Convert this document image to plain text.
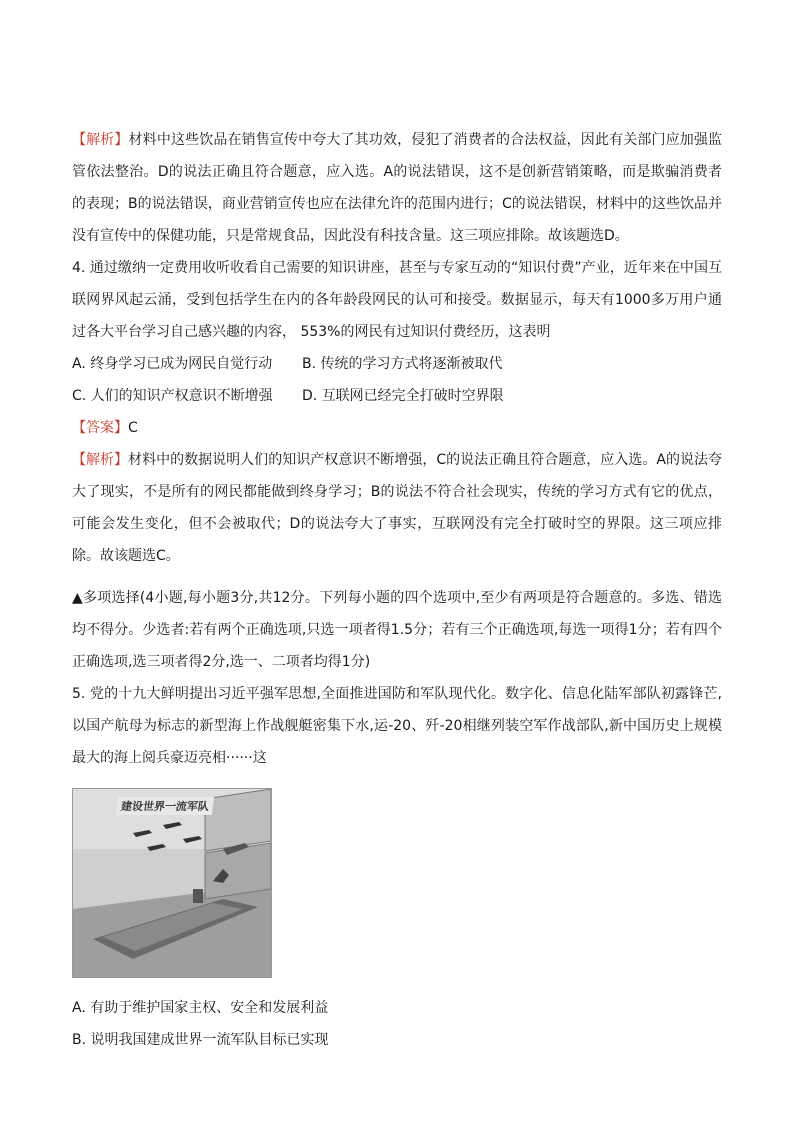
【解析】材料中这些饮品在销售宣传中夸大了其功效，侵犯了消费者的合法权益，因此有关部门应加强监管依法整治。D的说法正确且符合题意，应入选。A的说法错误，这不是创新营销策略，而是欺骗消费者的表现；B的说法错误，商业营销宣传也应在法律允许的范围内进行；C的说法错误，材料中的这些饮品并没有宣传中的保健功能，只是常规食品，因此没有科技含量。这三项应排除。故该题选D。

4. 通过缴纳一定费用收听收看自己需要的知识讲座，甚至与专家互动的“知识付费”产业，近年来在中国互联网界风起云涌，受到包括学生在内的各年龄段网民的认可和接受。数据显示，每天有1000多万用户通过各大平台学习自己感兴趣的内容， 553%的网民有过知识付费经历，这表明

A. 终身学习已成为网民自觉行动	B. 传统的学习方式将逐渐被取代
C. 人们的知识产权意识不断增强	D. 互联网已经完全打破时空界限

【答案】C

【解析】材料中的数据说明人们的知识产权意识不断增强，C的说法正确且符合题意，应入选。A的说法夸大了现实，不是所有的网民都能做到终身学习；B的说法不符合社会现实，传统的学习方式有它的优点，可能会发生变化，但不会被取代；D的说法夸大了事实，互联网没有完全打破时空的界限。这三项应排除。故该题选C。

▲多项选择(4小题,每小题3分,共12分。下列每小题的四个选项中,至少有两项是符合题意的。多选、错选均不得分。少选者:若有两个正确选项,只选一项者得1.5分；若有三个正确选项,每选一项得1分；若有四个正确选项,选三项者得2分,选一、二项者均得1分)

5. 党的十九大鲜明提出习近平强军思想,全面推进国防和军队现代化。数字化、信息化陆军部队初露锋芒,以国产航母为标志的新型海上作战舰艇密集下水,运-20、歼-20相继列装空军作战部队,新中国历史上规模最大的海上阅兵豪迈亮相······这

建设世界一流军队
A. 有助于维护国家主权、安全和发展利益
B. 说明我国建成世界一流军队目标已实现
